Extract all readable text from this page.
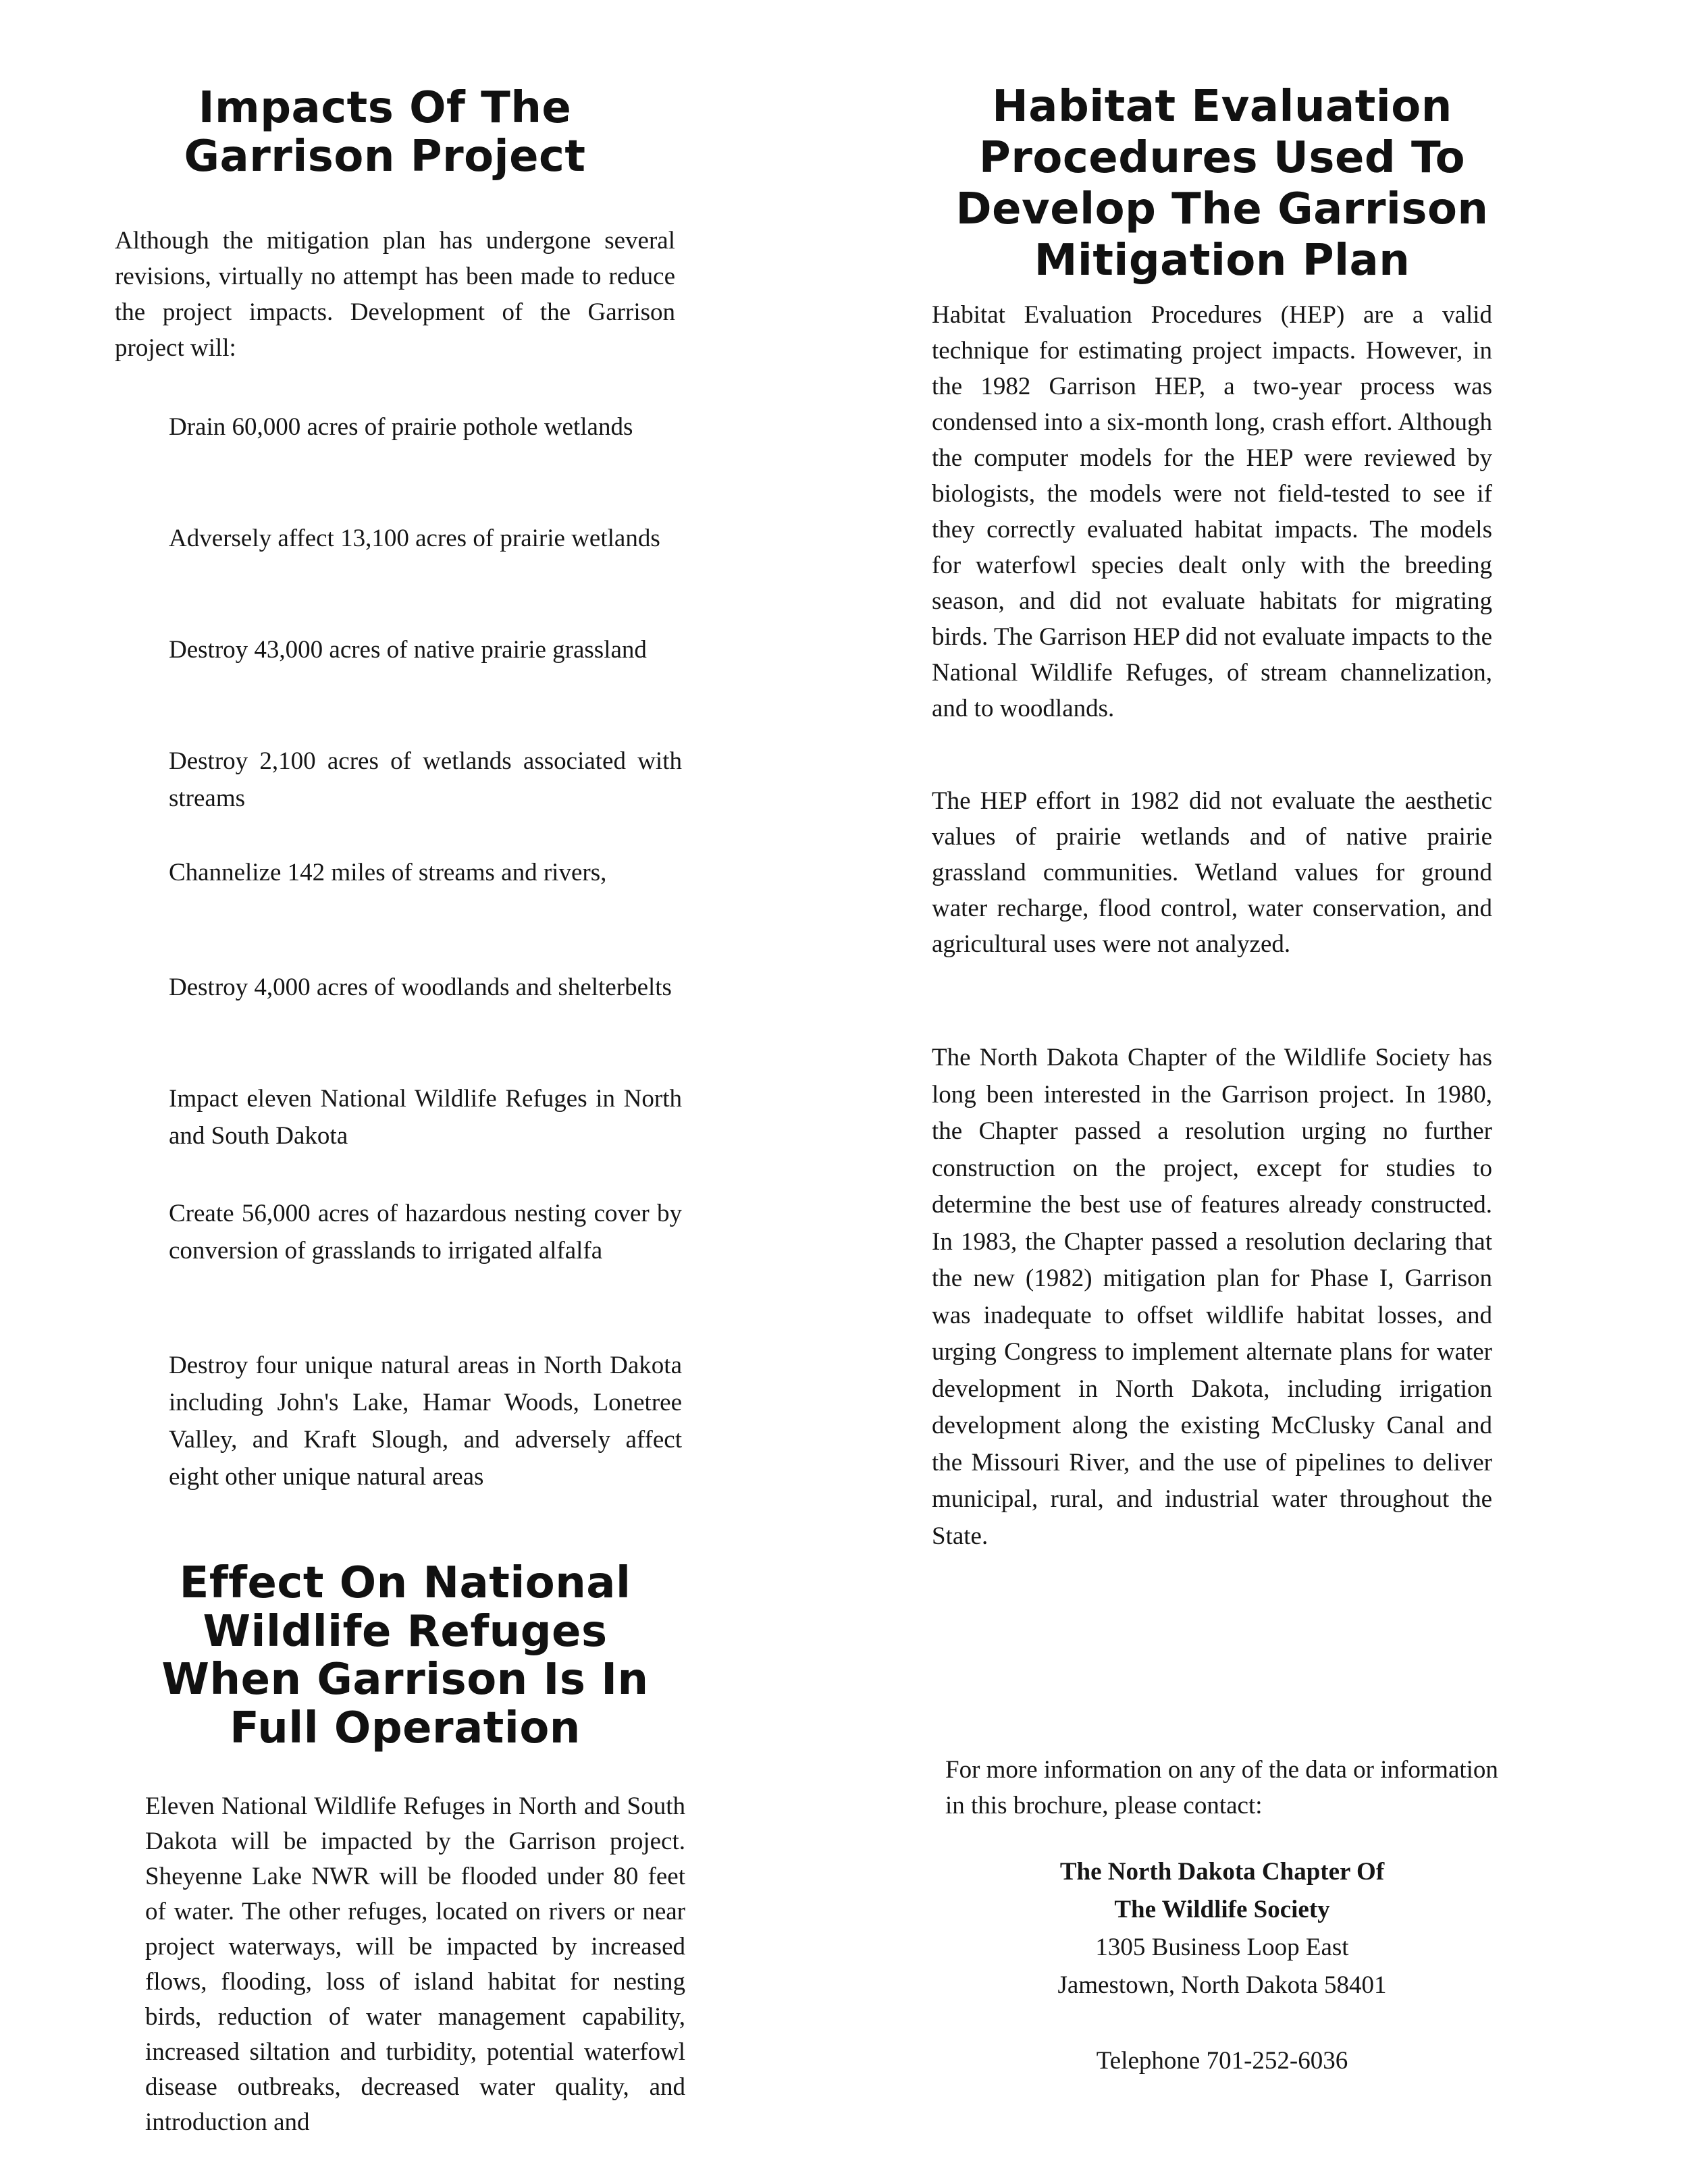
Impacts Of The
Garrison Project

Although the mitigation plan has undergone several revisions, virtually no attempt has been made to reduce the project impacts. Development of the Garrison project will:

Drain 60,000 acres of prairie pothole wetlands

Adversely affect 13,100 acres of prairie wetlands

Destroy 43,000 acres of native prairie grassland

Destroy 2,100 acres of wetlands associated with streams

Channelize 142 miles of streams and rivers,

Destroy 4,000 acres of woodlands and shelterbelts

Impact eleven National Wildlife Refuges in North and South Dakota

Create 56,000 acres of hazardous nesting cover by conversion of grasslands to irrigated alfalfa

Destroy four unique natural areas in North Dakota including John's Lake, Hamar Woods, Lonetree Valley, and Kraft Slough, and adversely affect eight other unique natural areas

Effect On National
Wildlife Refuges
When Garrison Is In
Full Operation

Eleven National Wildlife Refuges in North and South Dakota will be impacted by the Garrison project. Sheyenne Lake NWR will be flooded under 80 feet of water. The other refuges, located on rivers or near project waterways, will be impacted by increased flows, flooding, loss of island habitat for nesting birds, reduction of water management capability, increased siltation and turbidity, potential waterfowl disease outbreaks, decreased water quality, and introduction and

Habitat Evaluation
Procedures Used To
Develop The Garrison
Mitigation Plan

Habitat Evaluation Procedures (HEP) are a valid technique for estimating project impacts. However, in the 1982 Garrison HEP, a two-year process was condensed into a six-month long, crash effort. Although the computer models for the HEP were reviewed by biologists, the models were not field-tested to see if they correctly evaluated habitat impacts. The models for waterfowl species dealt only with the breeding season, and did not evaluate habitats for migrating birds. The Garrison HEP did not evaluate impacts to the National Wildlife Refuges, of stream channelization, and to woodlands.

The HEP effort in 1982 did not evaluate the aesthetic values of prairie wetlands and of native prairie grassland communities. Wetland values for ground water recharge, flood control, water conservation, and agricultural uses were not analyzed.

The North Dakota Chapter of the Wildlife Society has long been interested in the Garrison project. In 1980, the Chapter passed a resolution urging no further construction on the project, except for studies to determine the best use of features already constructed. In 1983, the Chapter passed a resolution declaring that the new (1982) mitigation plan for Phase I, Garrison was inadequate to offset wildlife habitat losses, and urging Congress to implement alternate plans for water development in North Dakota, including irrigation development along the existing McClusky Canal and the Missouri River, and the use of pipelines to deliver municipal, rural, and industrial water throughout the State.

For more information on any of the data or information in this brochure, please contact:

The North Dakota Chapter Of

The Wildlife Society

1305 Business Loop East

Jamestown, North Dakota 58401

Telephone 701-252-6036
